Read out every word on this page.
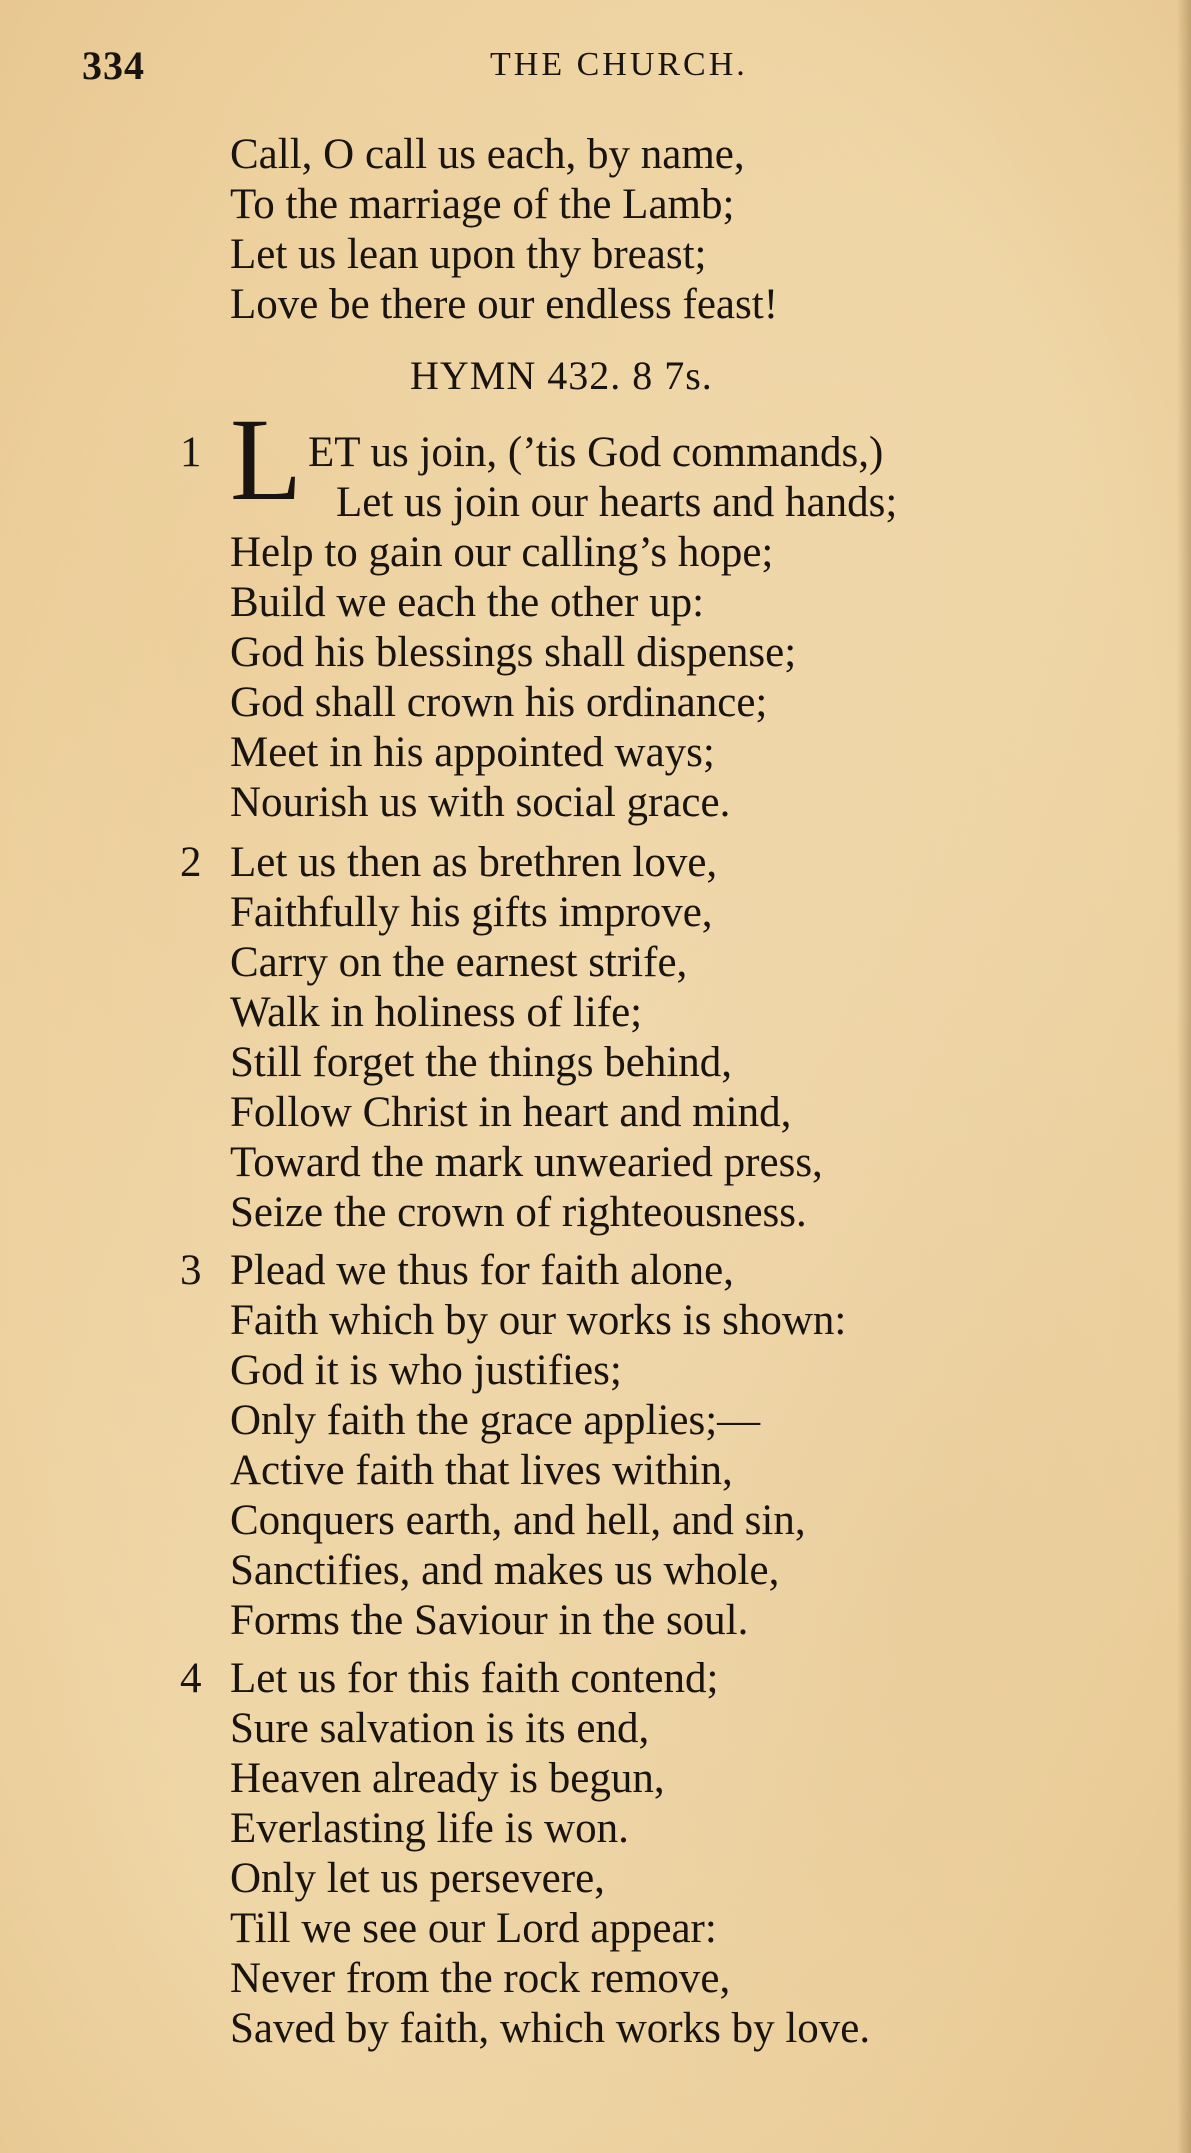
334	THE CHURCH.
Call, O call us each, by name,
To the marriage of the Lamb;
Let us lean upon thy breast;
Love be there our endless feast!
HYMN 432. 8 7s.
1 L ET us join, (’tis God commands,)
Let us join our hearts and hands;
Help to gain our calling’s hope;
Build we each the other up:
God his blessings shall dispense;
God shall crown his ordinance;
Meet in his appointed ways;
Nourish us with social grace.
2 Let us then as brethren love,
Faithfully his gifts improve,
Carry on the earnest strife,
Walk in holiness of life;
Still forget the things behind,
Follow Christ in heart and mind,
Toward the mark unwearied press,
Seize the crown of righteousness.
3 Plead we thus for faith alone,
Faith which by our works is shown:
God it is who justifies;
Only faith the grace applies;—
Active faith that lives within,
Conquers earth, and hell, and sin,
Sanctifies, and makes us whole,
Forms the Saviour in the soul.
4 Let us for this faith contend;
Sure salvation is its end,
Heaven already is begun,
Everlasting life is won.
Only let us persevere,
Till we see our Lord appear:
Never from the rock remove,
Saved by faith, which works by love.
